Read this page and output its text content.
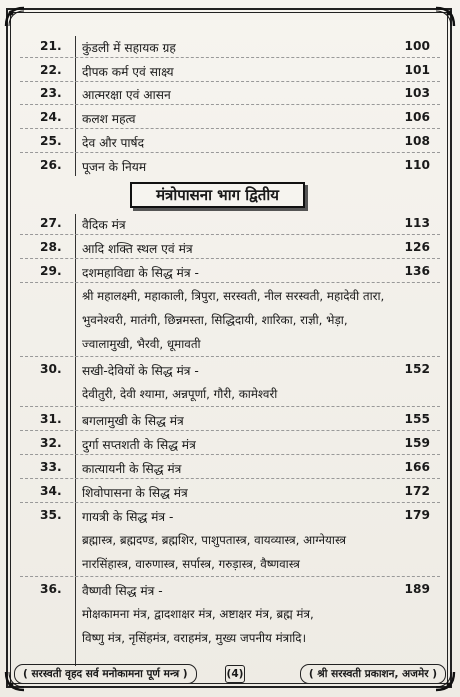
21. कुंडली में सहायक ग्रह	100
22. दीपक कर्म एवं साक्ष्य	101
23. आत्मरक्षा एवं आसन	103
24. कलश महत्व	106
25. देव और पार्षद	108
26. पूजन के नियम	110
मंत्रोपासना भाग द्वितीय
27. वैदिक मंत्र	113
28. आदि शक्ति स्थल एवं मंत्र	126
29. दशमहाविद्या के सिद्ध मंत्र -	136
श्री महालक्ष्मी, महाकाली, त्रिपुरा, सरस्वती, नील सरस्वती, महादेवी तारा,
भुवनेश्वरी, मातंगी, छिन्नमस्ता, सिद्धिदायी, शारिका, राज्ञी, भेड़ा,
ज्वालामुखी, भैरवी, धूमावती
30. सखी-देवियों के सिद्ध मंत्र -	152
देवीतुरी, देवी श्यामा, अन्नपूर्णा, गौरी, कामेश्वरी
31. बगलामुखी के सिद्ध मंत्र	155
32. दुर्गा सप्तशती के सिद्ध मंत्र	159
33. कात्यायनी के सिद्ध मंत्र	166
34. शिवोपासना के सिद्ध मंत्र	172
35. गायत्री के सिद्ध मंत्र -	179
ब्रह्मास्त्र, ब्रह्मदण्ड, ब्रह्मशिर, पाशुपतास्त्र, वायव्यास्त्र, आग्नेयास्त्र
नारसिंहास्त्र, वारुणास्त्र, सर्पास्त्र, गरुड़ास्त्र, वैष्णवास्त्र
36. वैष्णवी सिद्ध मंत्र -	189
मोक्षकामना मंत्र, द्वादशाक्षर मंत्र, अष्टाक्षर मंत्र, ब्रह्म मंत्र,
विष्णु मंत्र, नृसिंहमंत्र, वराहमंत्र, मुख्य जपनीय मंत्रादि।
( सरस्वती वृहद सर्व मनोकामना पूर्ण मन्त्र )	(4)	( श्री सरस्वती प्रकाशन, अजमेर )
